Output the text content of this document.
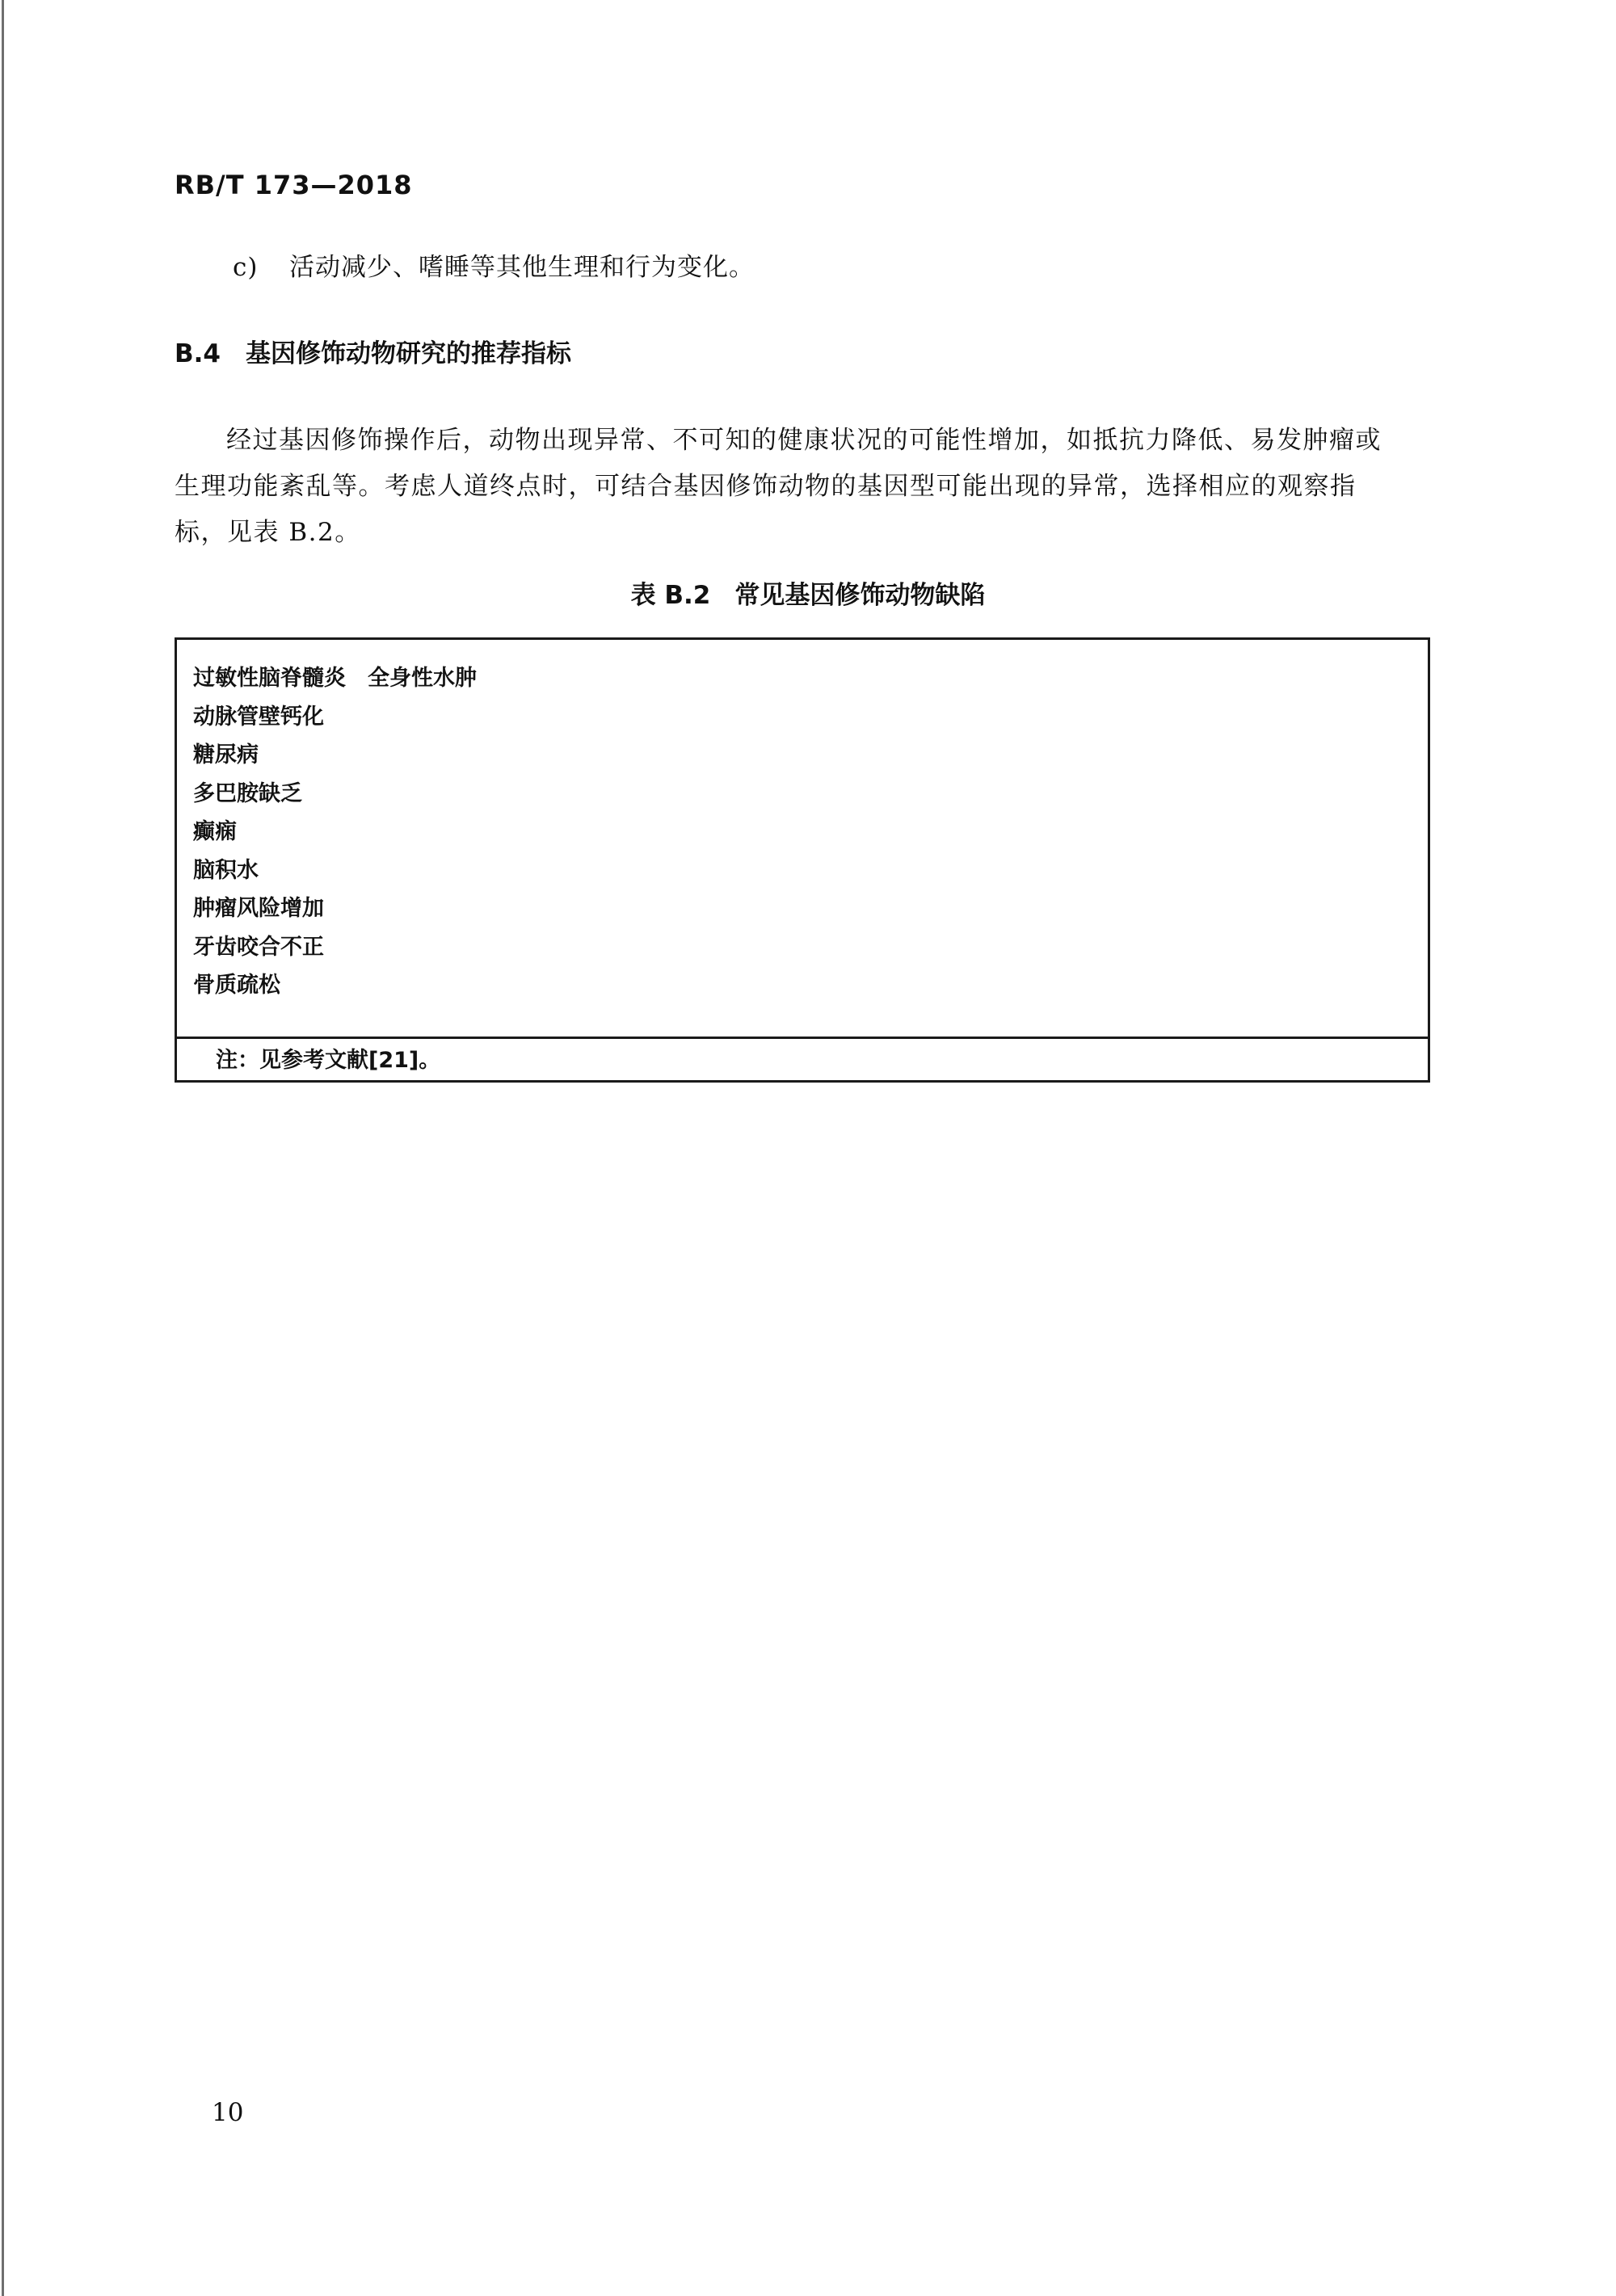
RB/T 173—2018
c) 活动减少、嗜睡等其他生理和行为变化。
B.4 基因修饰动物研究的推荐指标
经过基因修饰操作后，动物出现异常、不可知的健康状况的可能性增加，如抵抗力降低、易发肿瘤或
生理功能紊乱等。考虑人道终点时，可结合基因修饰动物的基因型可能出现的异常，选择相应的观察指
标，见表 B.2。
表 B.2 常见基因修饰动物缺陷
过敏性脑脊髓炎　全身性水肿
动脉管壁钙化
糖尿病
多巴胺缺乏
癫痫
脑积水
肿瘤风险增加
牙齿咬合不正
骨质疏松
注：见参考文献[21]。
10
